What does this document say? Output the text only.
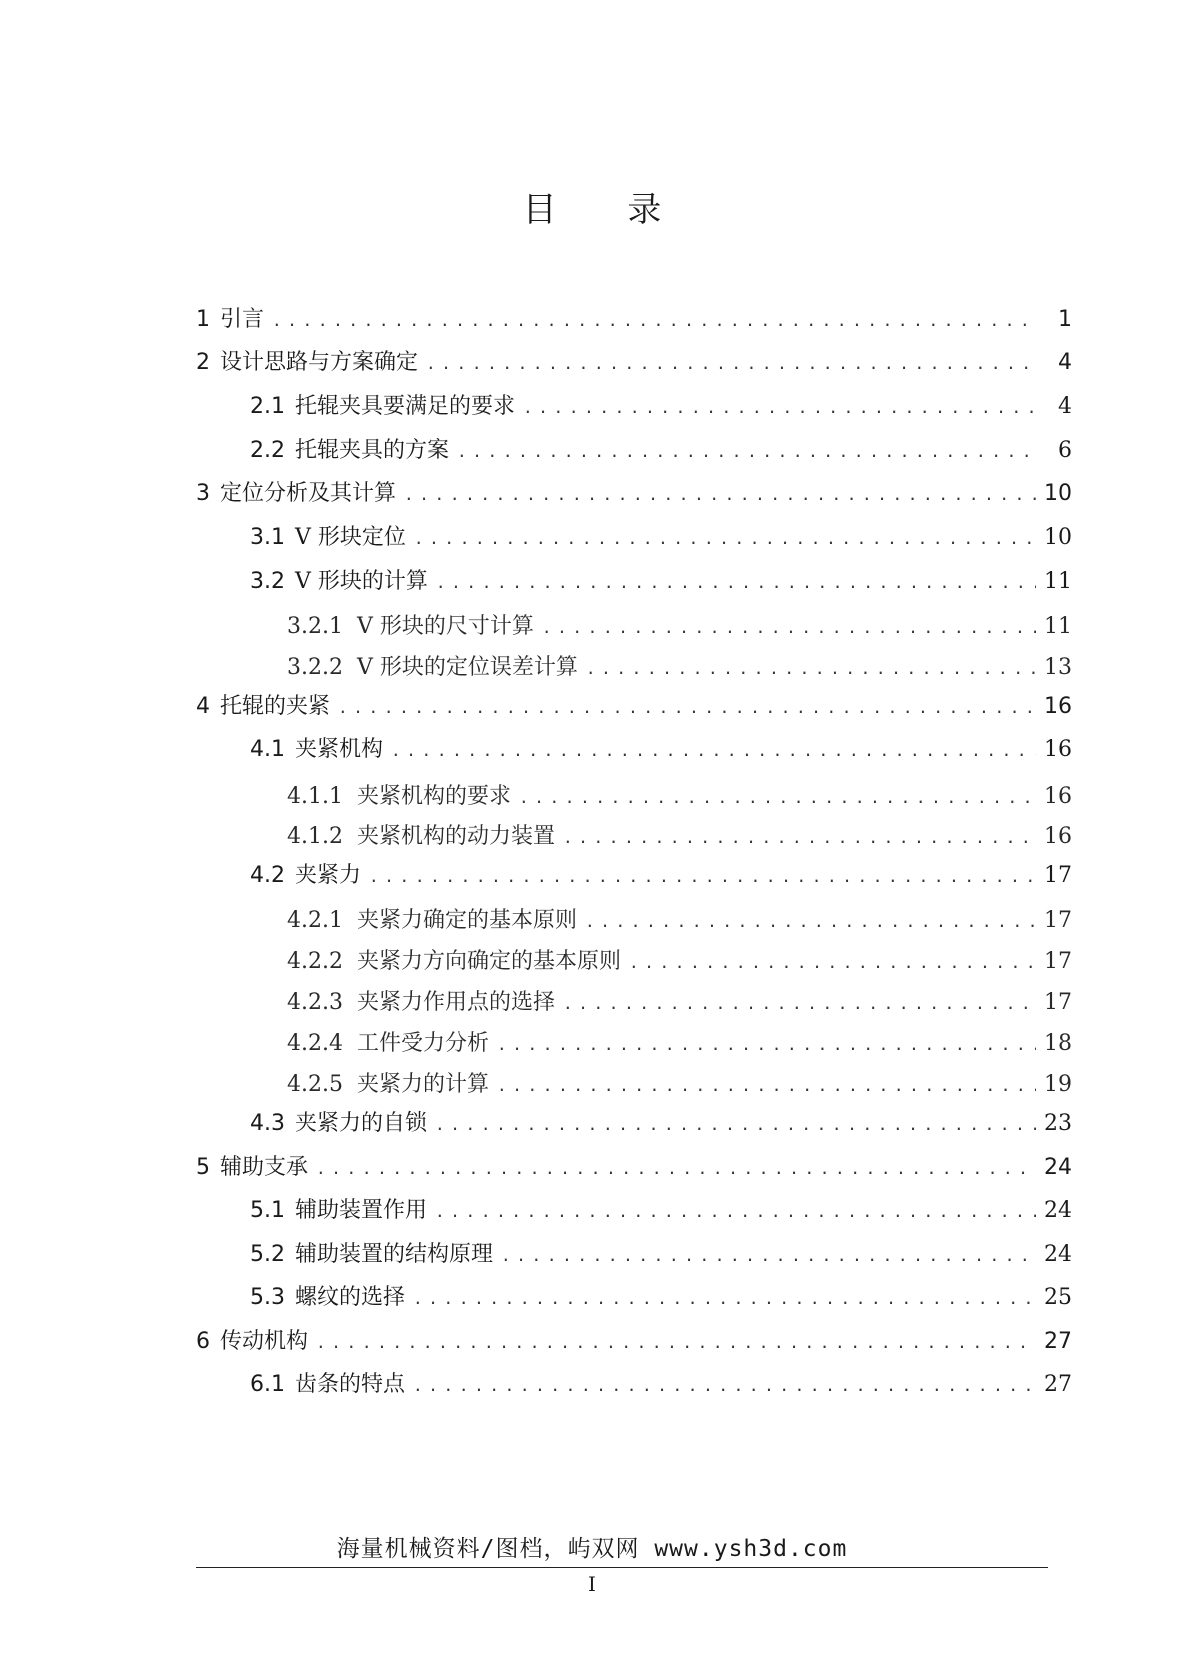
目 录
1 引言 . . .	1
2 设计思路与方案确定 . . .	4
2.1 托辊夹具要满足的要求 . . .	4
2.2 托辊夹具的方案 . . .	6
3 定位分析及其计算 . . .	10
3.1 V 形块定位 . . .	10
3.2 V 形块的计算 . . .	11
3.2.1 V 形块的尺寸计算 . . .	11
3.2.2 V 形块的定位误差计算 . . .	13
4 托辊的夹紧 . . .	16
4.1 夹紧机构 . . .	16
4.1.1 夹紧机构的要求 . . .	16
4.1.2 夹紧机构的动力装置 . . .	16
4.2 夹紧力 . . .	17
4.2.1 夹紧力确定的基本原则 . . .	17
4.2.2 夹紧力方向确定的基本原则 . . .	17
4.2.3 夹紧力作用点的选择 . . .	17
4.2.4 工件受力分析 . . .	18
4.2.5 夹紧力的计算 . . .	19
4.3 夹紧力的自锁 . . .	23
5 辅助支承 . . .	24
5.1 辅助装置作用 . . .	24
5.2 辅助装置的结构原理 . . .	24
5.3 螺纹的选择 . . .	25
6 传动机构 . . .	27
6.1 齿条的特点 . . .	27
海量机械资料/图档，屿双网 www.ysh3d.com
I
